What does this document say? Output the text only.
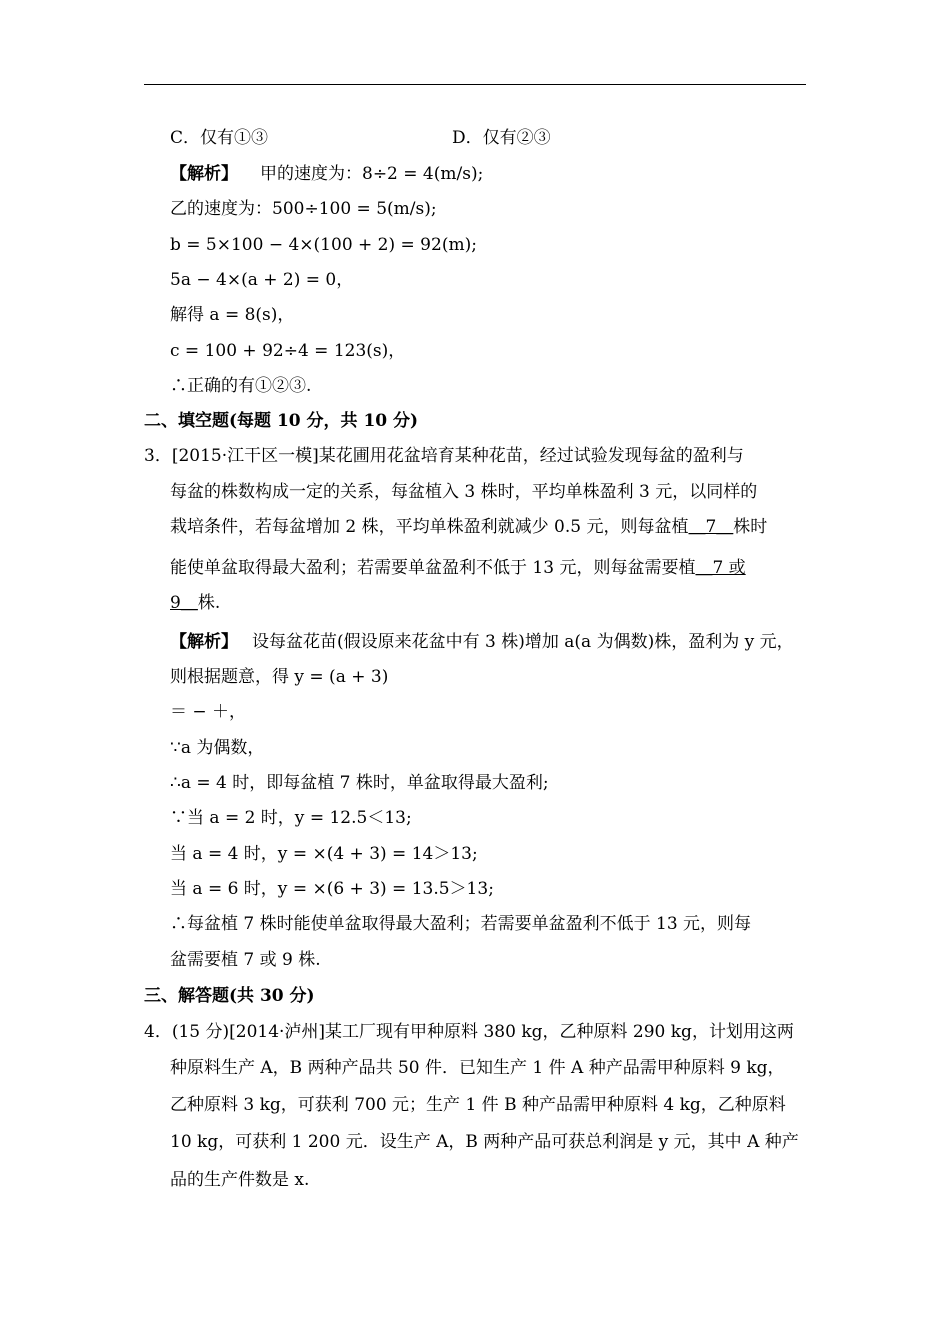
C．仅有①③	D．仅有②③
【解析】 甲的速度为：8÷2 = 4(m/s);
乙的速度为：500÷100 = 5(m/s);
b = 5×100 − 4×(100 + 2) = 92(m);
5a − 4×(a + 2) = 0，
解得 a = 8(s)，
c = 100 + 92÷4 = 123(s)，
∴正确的有①②③.
二、填空题(每题 10 分，共 10 分)
3．[2015·江干区一模]某花圃用花盆培育某种花苗，经过试验发现每盆的盈利与
每盆的株数构成一定的关系，每盆植入 3 株时，平均单株盈利 3 元，以同样的
栽培条件，若每盆增加 2 株，平均单株盈利就减少 0.5 元，则每盆植＿7＿株时
能使单盆取得最大盈利；若需要单盆盈利不低于 13 元，则每盆需要植＿7 或
9＿株.
【解析】 设每盆花苗(假设原来花盆中有 3 株)增加 a(a 为偶数)株，盈利为 y 元，
则根据题意，得 y = (a + 3)
＝ − ＋，
∵a 为偶数，
∴a = 4 时，即每盆植 7 株时，单盆取得最大盈利;
∵当 a = 2 时，y = 12.5＜13;
当 a = 4 时，y = ×(4 + 3) = 14＞13;
当 a = 6 时，y = ×(6 + 3) = 13.5＞13;
∴每盆植 7 株时能使单盆取得最大盈利；若需要单盆盈利不低于 13 元，则每
盆需要植 7 或 9 株.
三、解答题(共 30 分)
4．(15 分)[2014·泸州]某工厂现有甲种原料 380 kg，乙种原料 290 kg，计划用这两
种原料生产 A，B 两种产品共 50 件．已知生产 1 件 A 种产品需甲种原料 9 kg，
乙种原料 3 kg，可获利 700 元；生产 1 件 B 种产品需甲种原料 4 kg，乙种原料
10 kg，可获利 1 200 元．设生产 A，B 两种产品可获总利润是 y 元，其中 A 种产
品的生产件数是 x.
